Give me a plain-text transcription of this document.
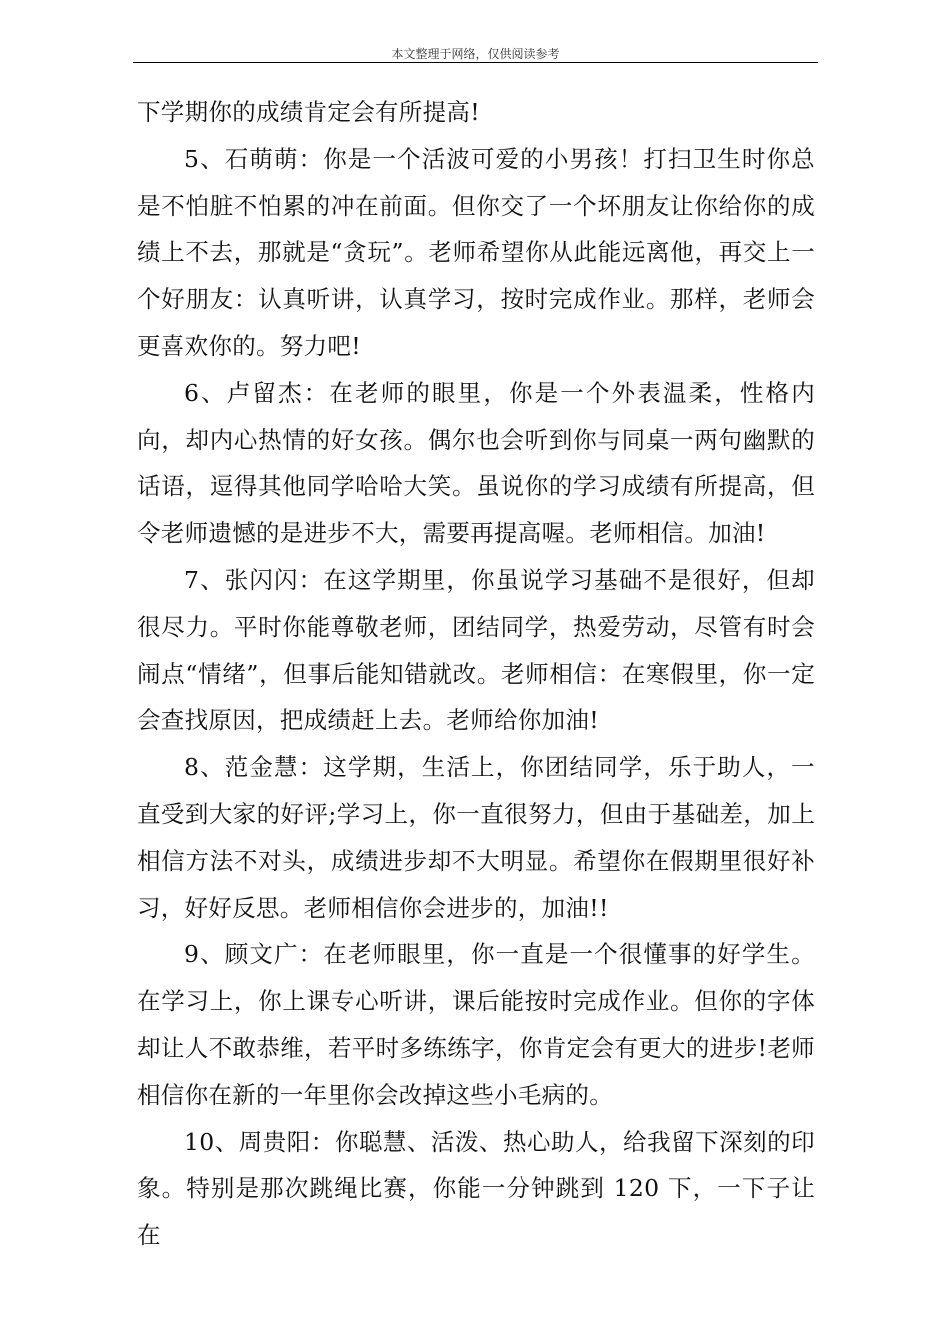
本文整理于网络，仅供阅读参考

下学期你的成绩肯定会有所提高!

5、石萌萌：你是一个活波可爱的小男孩！打扫卫生时你总是不怕脏不怕累的冲在前面。但你交了一个坏朋友让你给你的成绩上不去，那就是“贪玩”。老师希望你从此能远离他，再交上一个好朋友：认真听讲，认真学习，按时完成作业。那样，老师会更喜欢你的。努力吧!

6、卢留杰：在老师的眼里，你是一个外表温柔，性格内向，却内心热情的好女孩。偶尔也会听到你与同桌一两句幽默的话语，逗得其他同学哈哈大笑。虽说你的学习成绩有所提高，但令老师遗憾的是进步不大，需要再提高喔。老师相信。加油!

7、张闪闪：在这学期里，你虽说学习基础不是很好，但却很尽力。平时你能尊敬老师，团结同学，热爱劳动，尽管有时会闹点“情绪”，但事后能知错就改。老师相信：在寒假里，你一定会查找原因，把成绩赶上去。老师给你加油!

8、范金慧：这学期，生活上，你团结同学，乐于助人，一直受到大家的好评;学习上，你一直很努力，但由于基础差，加上相信方法不对头，成绩进步却不大明显。希望你在假期里很好补习，好好反思。老师相信你会进步的，加油!!

9、顾文广：在老师眼里，你一直是一个很懂事的好学生。在学习上，你上课专心听讲，课后能按时完成作业。但你的字体却让人不敢恭维，若平时多练练字，你肯定会有更大的进步!老师相信你在新的一年里你会改掉这些小毛病的。

10、周贵阳：你聪慧、活泼、热心助人，给我留下深刻的印象。特别是那次跳绳比赛，你能一分钟跳到 120 下，一下子让在
